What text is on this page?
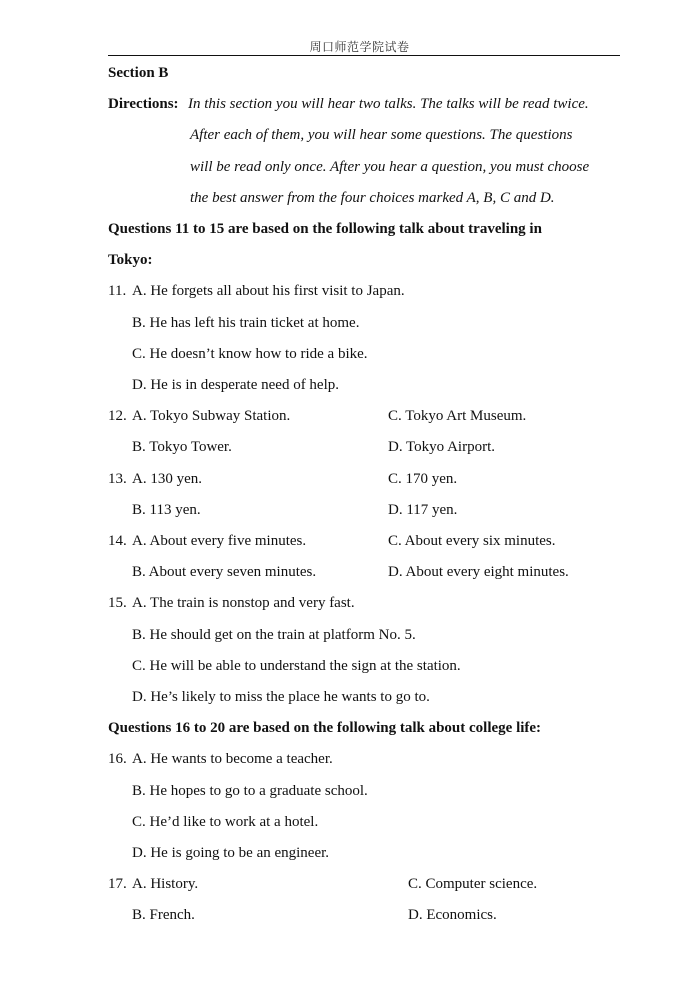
周口师范学院试卷
Section B
Directions: In this section you will hear two talks. The talks will be read twice.
After each of them, you will hear some questions. The questions
will be read only once. After you hear a question, you must choose
the best answer from the four choices marked A, B, C and D.
Questions 11 to 15 are based on the following talk about traveling in
Tokyo:
11. A. He forgets all about his first visit to Japan.
B. He has left his train ticket at home.
C. He doesn’t know how to ride a bike.
D. He is in desperate need of help.
12. A. Tokyo Subway Station.	C. Tokyo Art Museum.
B. Tokyo Tower.	D. Tokyo Airport.
13. A. 130 yen.	C. 170 yen.
B. 113 yen.	D. 117 yen.
14. A. About every five minutes.	C. About every six minutes.
B. About every seven minutes.	D. About every eight minutes.
15. A. The train is nonstop and very fast.
B. He should get on the train at platform No. 5.
C. He will be able to understand the sign at the station.
D. He’s likely to miss the place he wants to go to.
Questions 16 to 20 are based on the following talk about college life:
16. A. He wants to become a teacher.
B. He hopes to go to a graduate school.
C. He’d like to work at a hotel.
D. He is going to be an engineer.
17. A. History.	C. Computer science.
B. French.	D. Economics.
